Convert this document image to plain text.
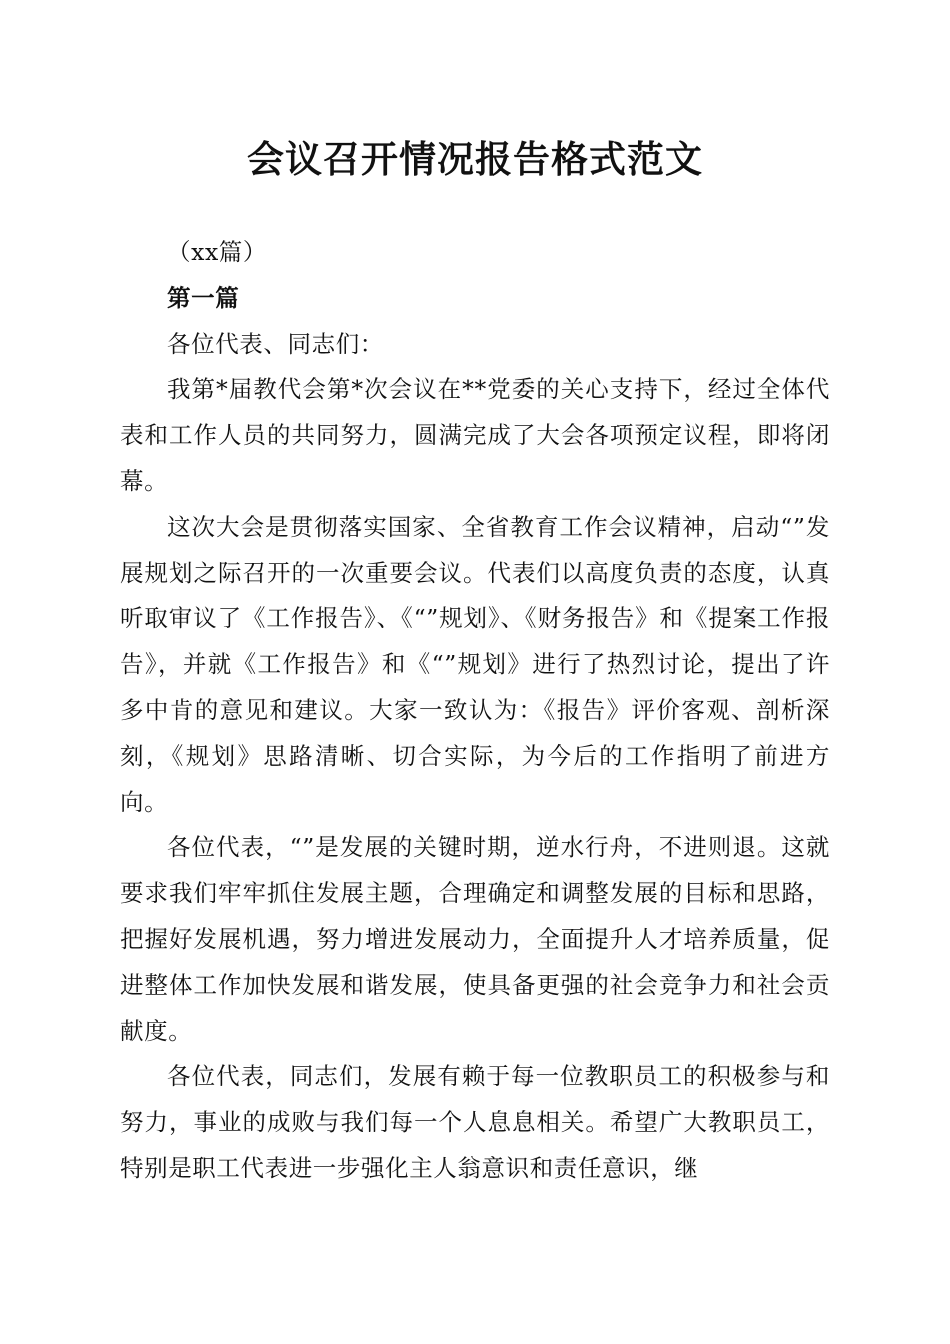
会议召开情况报告格式范文

（xx篇）

第一篇

各位代表、同志们：

我第*届教代会第*次会议在**党委的关心支持下，经过全体代表和工作人员的共同努力，圆满完成了大会各项预定议程，即将闭幕。

这次大会是贯彻落实国家、全省教育工作会议精神，启动“”发展规划之际召开的一次重要会议。代表们以高度负责的态度，认真听取审议了《工作报告》、《“”规划》、《财务报告》和《提案工作报告》，并就《工作报告》和《“”规划》进行了热烈讨论，提出了许多中肯的意见和建议。大家一致认为：《报告》评价客观、剖析深刻，《规划》思路清晰、切合实际，为今后的工作指明了前进方向。

各位代表，“”是发展的关键时期，逆水行舟，不进则退。这就要求我们牢牢抓住发展主题，合理确定和调整发展的目标和思路，把握好发展机遇，努力增进发展动力，全面提升人才培养质量，促进整体工作加快发展和谐发展，使具备更强的社会竞争力和社会贡献度。

各位代表，同志们，发展有赖于每一位教职员工的积极参与和努力，事业的成败与我们每一个人息息相关。希望广大教职员工，特别是职工代表进一步强化主人翁意识和责任意识，继
